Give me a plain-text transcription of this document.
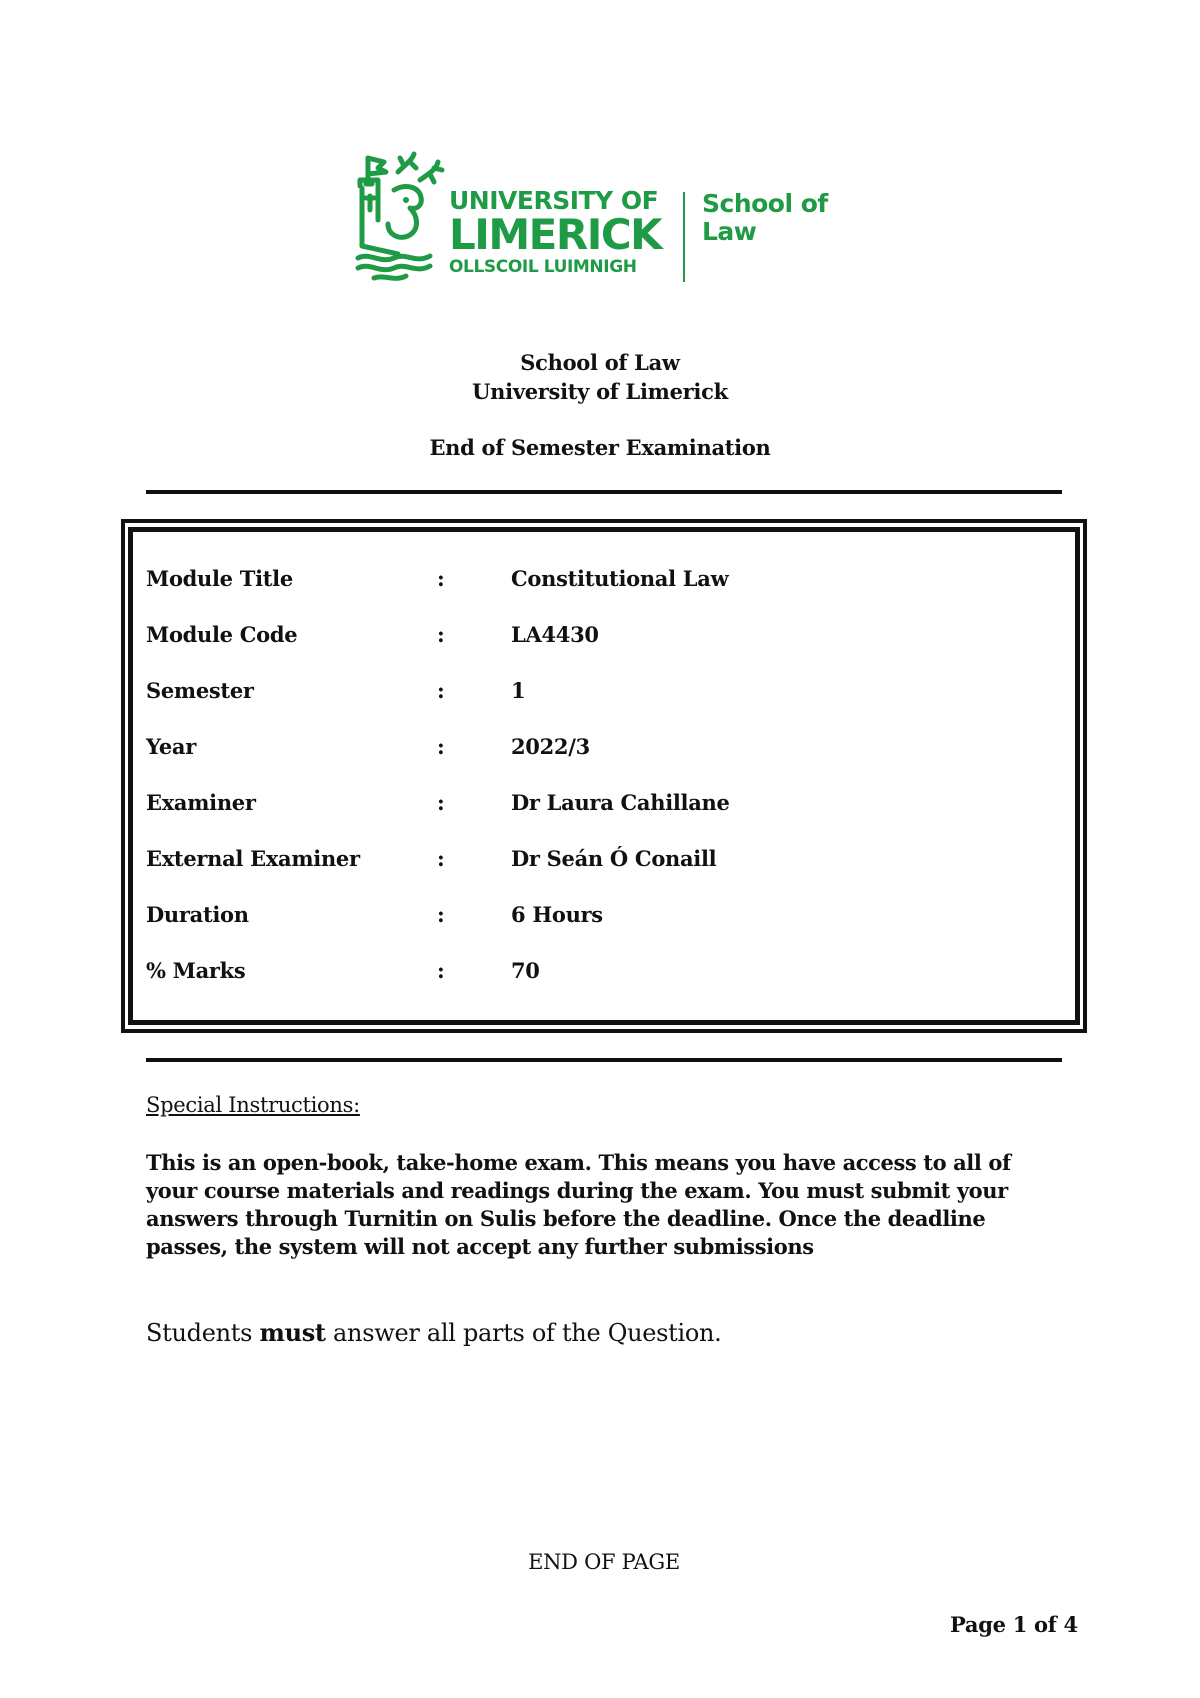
UNIVERSITY OF
LIMERICK
OLLSCOIL LUIMNIGH
School of
Law
School of Law
University of Limerick
End of Semester Examination
Module Title	:	Constitutional Law
Module Code	:	LA4430
Semester	:	1
Year	:	2022/3
Examiner	:	Dr Laura Cahillane
External Examiner	:	Dr Seán Ó Conaill
Duration	:	6 Hours
% Marks	:	70
Special Instructions:
This is an open-book, take-home exam. This means you have access to all of your course materials and readings during the exam. You must submit your answers through Turnitin on Sulis before the deadline. Once the deadline passes, the system will not accept any further submissions
Students must answer all parts of the Question.
END OF PAGE
Page 1 of 4
